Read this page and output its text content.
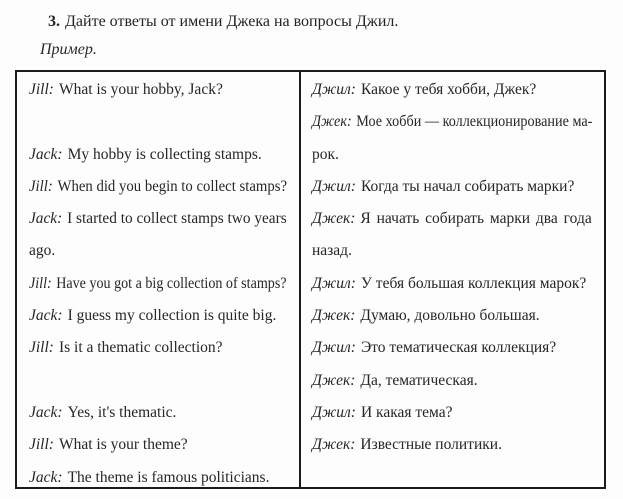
3. Дайте ответы от имени Джека на вопросы Джил.
Пример.
Jill: What is your hobby, Jack?
Jack: My hobby is collecting stamps.
Jill: When did you begin to collect stamps?
Jack: I started to collect stamps two years
ago.
Jill: Have you got a big collection of stamps?
Jack: I guess my collection is quite big.
Jill: Is it a thematic collection?
Jack: Yes, it's thematic.
Jill: What is your theme?
Jack: The theme is famous politicians.
Джил: Какое у тебя хобби, Джек?
Джек: Мое хобби — коллекционирование ма-
рок.
Джил: Когда ты начал собирать марки?
Джек: Я начать собирать марки два года
назад.
Джил: У тебя большая коллекция марок?
Джек: Думаю, довольно большая.
Джил: Это тематическая коллекция?
Джек: Да, тематическая.
Джил: И какая тема?
Джек: Известные политики.
